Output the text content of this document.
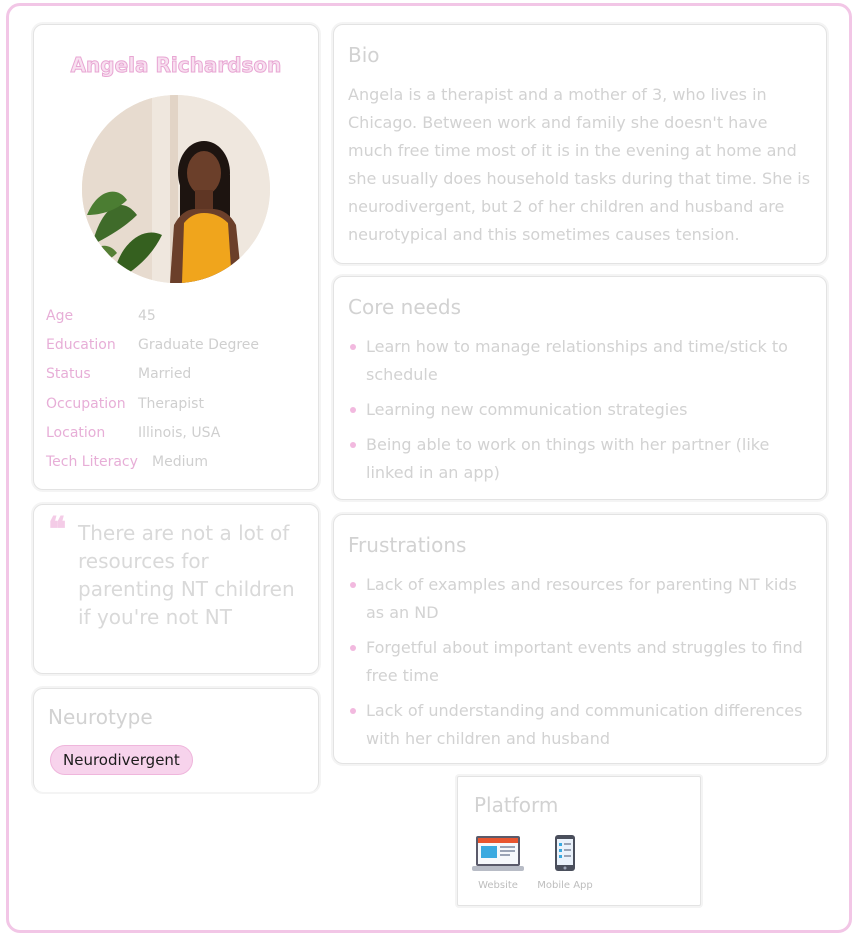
Angela Richardson
Age	45
Education	Graduate Degree
Status	Married
Occupation Therapist
Location	Illinois, USA
Tech Literacy	Medium
❝ There are not a lot of resources for parenting NT children if you're not NT
Neurotype
Neurodivergent
Bio
Angela is a therapist and a mother of 3, who lives in Chicago. Between work and family she doesn't have much free time most of it is in the evening at home and she usually does household tasks during that time. She is neurodivergent, but 2 of her children and husband are neurotypical and this sometimes causes tension.
Core needs
Learn how to manage relationships and time/stick to schedule
Learning new communication strategies
Being able to work on things with her partner (like linked in an app)
Frustrations
Lack of examples and resources for parenting NT kids as an ND
Forgetful about important events and struggles to find free time
Lack of understanding and communication differences with her children and husband
Platform
Website	Mobile App
